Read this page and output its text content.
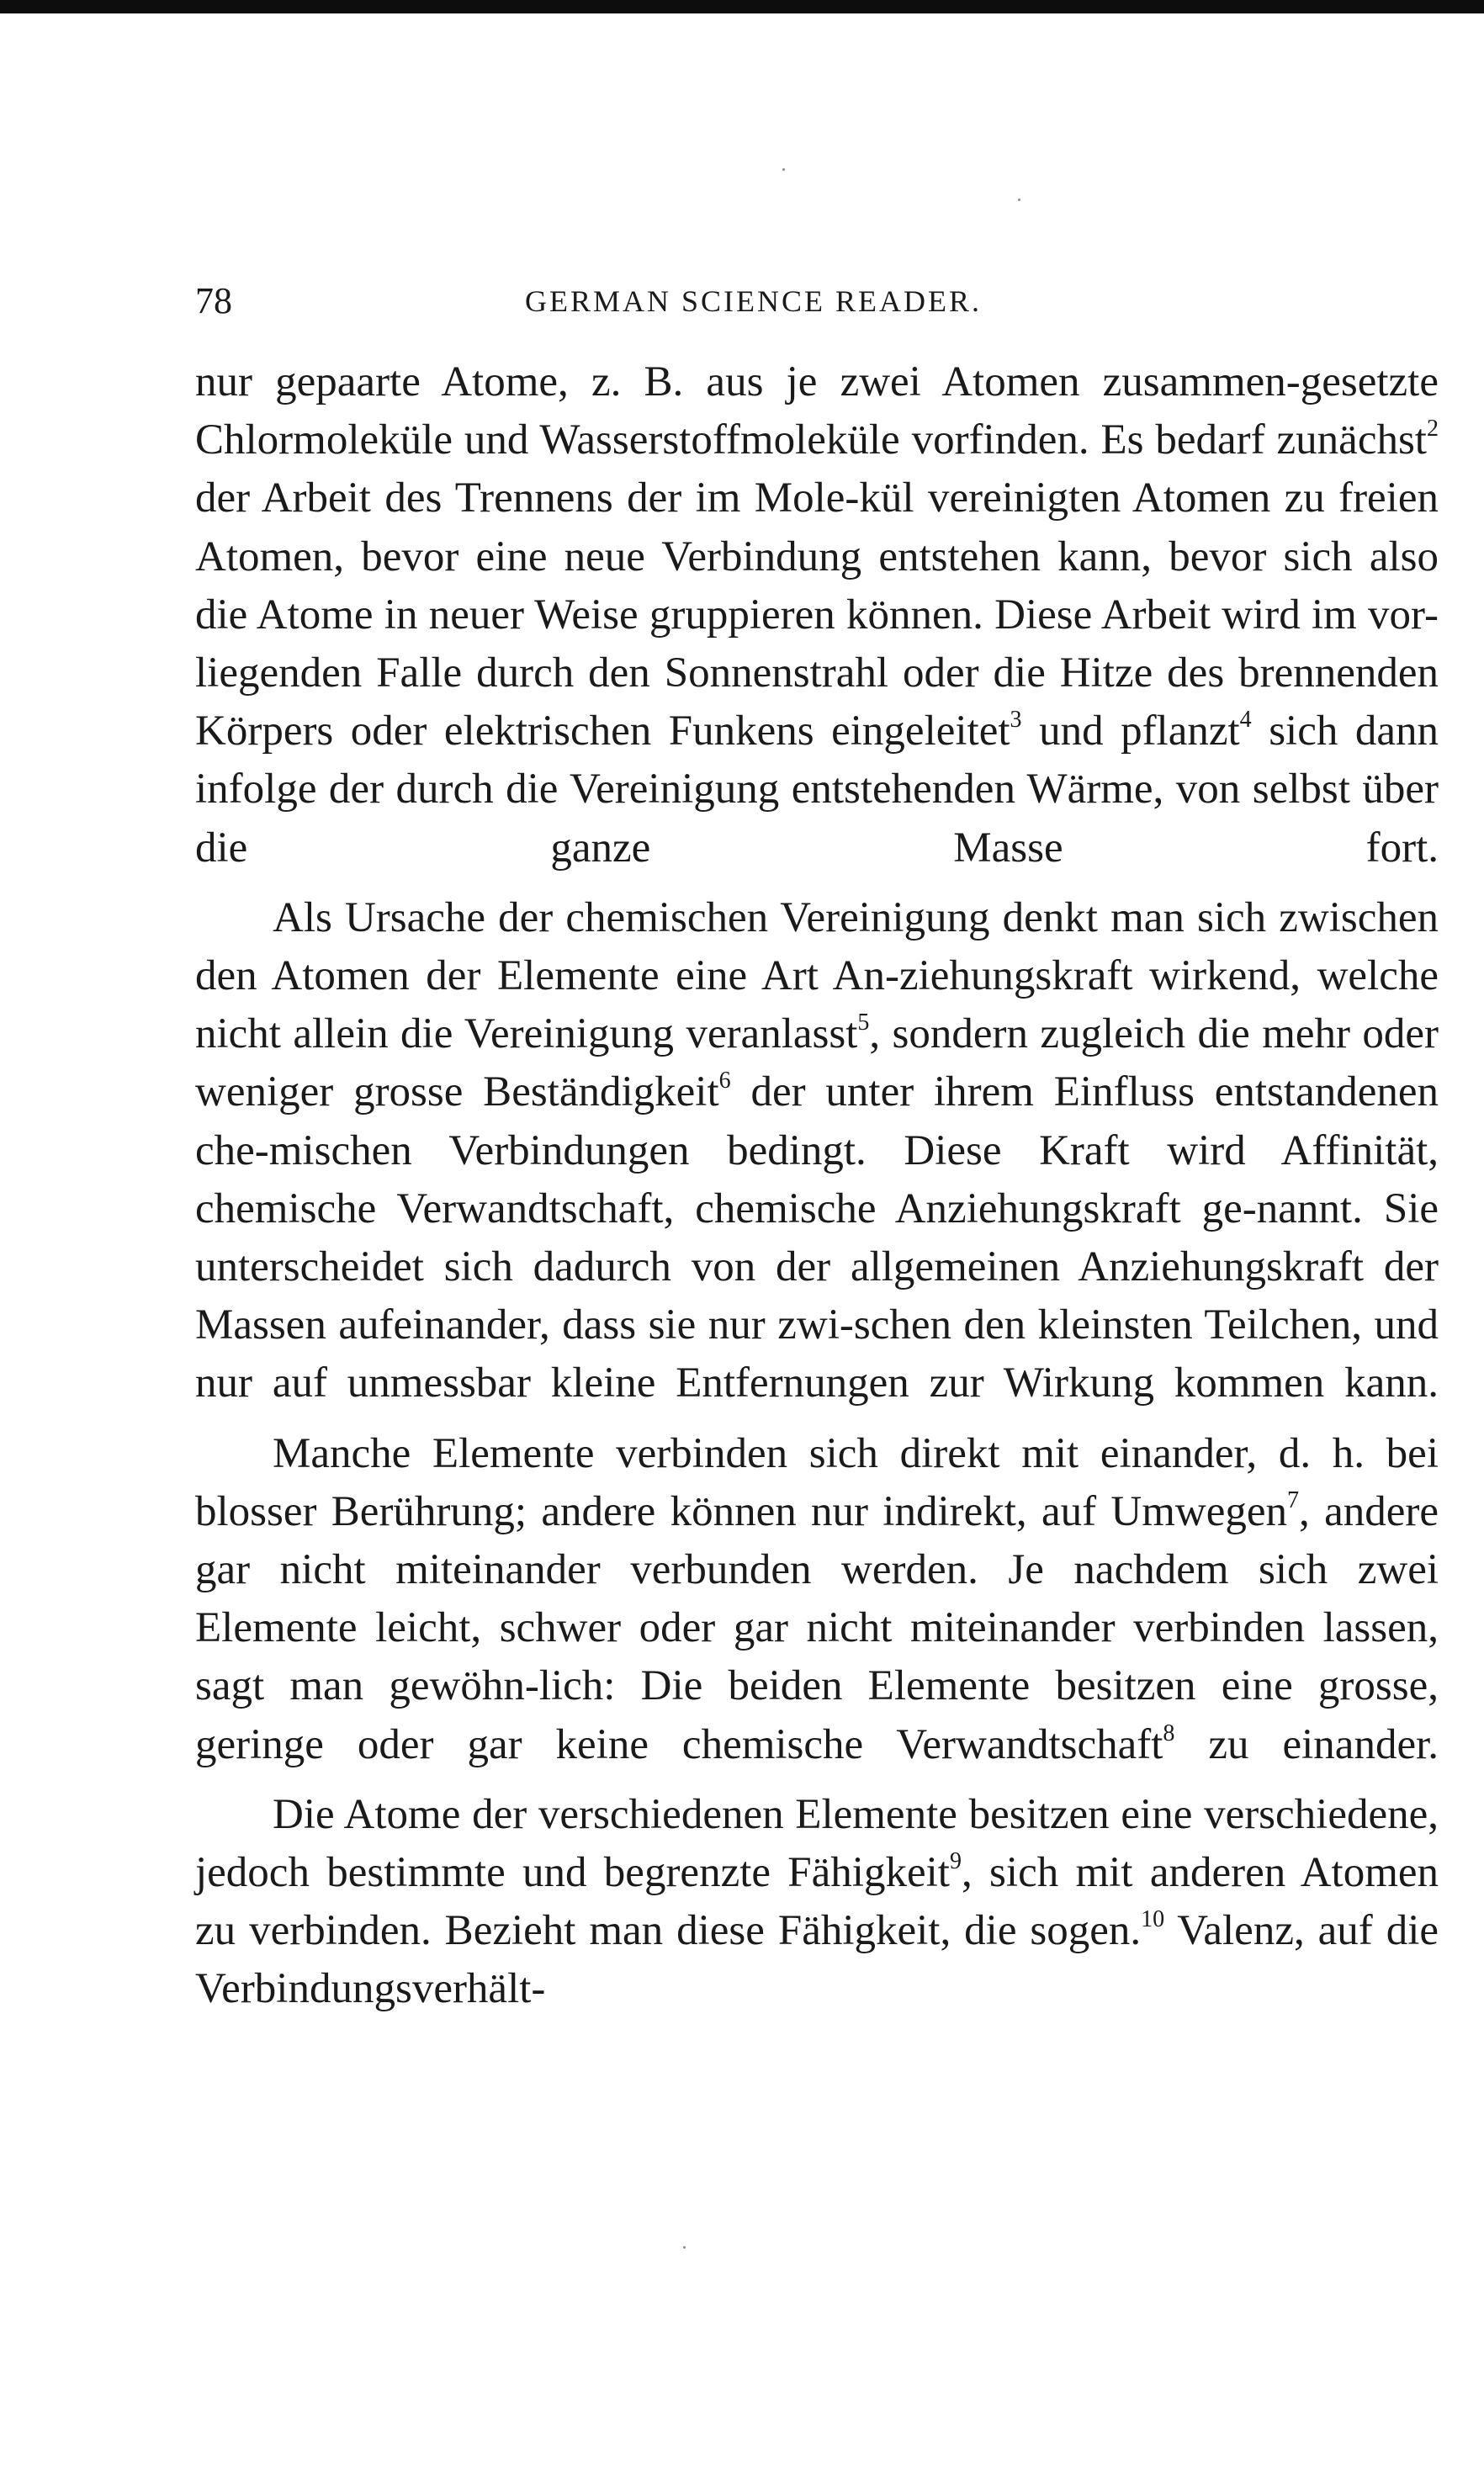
78	GERMAN SCIENCE READER.

nur gepaarte Atome, z. B. aus je zwei Atomen zusammen-gesetzte Chlormoleküle und Wasserstoffmoleküle vorfinden. Es bedarf zunächst$^2$ der Arbeit des Trennens der im Mole-kül vereinigten Atomen zu freien Atomen, bevor eine neue Verbindung entstehen kann, bevor sich also die Atome in neuer Weise gruppieren können. Diese Arbeit wird im vor-liegenden Falle durch den Sonnenstrahl oder die Hitze des brennenden Körpers oder elektrischen Funkens eingeleitet$^3$ und pflanzt$^4$ sich dann infolge der durch die Vereinigung entstehenden Wärme, von selbst über die ganze Masse fort.

Als Ursache der chemischen Vereinigung denkt man sich zwischen den Atomen der Elemente eine Art An-ziehungskraft wirkend, welche nicht allein die Vereinigung veranlasst$^5$, sondern zugleich die mehr oder weniger grosse Beständigkeit$^6$ der unter ihrem Einfluss entstandenen che-mischen Verbindungen bedingt. Diese Kraft wird Affinität, chemische Verwandtschaft, chemische Anziehungskraft ge-nannt. Sie unterscheidet sich dadurch von der allgemeinen Anziehungskraft der Massen aufeinander, dass sie nur zwi-schen den kleinsten Teilchen, und nur auf unmessbar kleine Entfernungen zur Wirkung kommen kann.

Manche Elemente verbinden sich direkt mit einander, d. h. bei blosser Berührung; andere können nur indirekt, auf Umwegen$^7$, andere gar nicht miteinander verbunden werden. Je nachdem sich zwei Elemente leicht, schwer oder gar nicht miteinander verbinden lassen, sagt man gewöhn-lich: Die beiden Elemente besitzen eine grosse, geringe oder gar keine chemische Verwandtschaft$^8$ zu einander.

Die Atome der verschiedenen Elemente besitzen eine verschiedene, jedoch bestimmte und begrenzte Fähigkeit$^9$, sich mit anderen Atomen zu verbinden. Bezieht man diese Fähigkeit, die sogen.$^{10}$ Valenz, auf die Verbindungsverhält-
